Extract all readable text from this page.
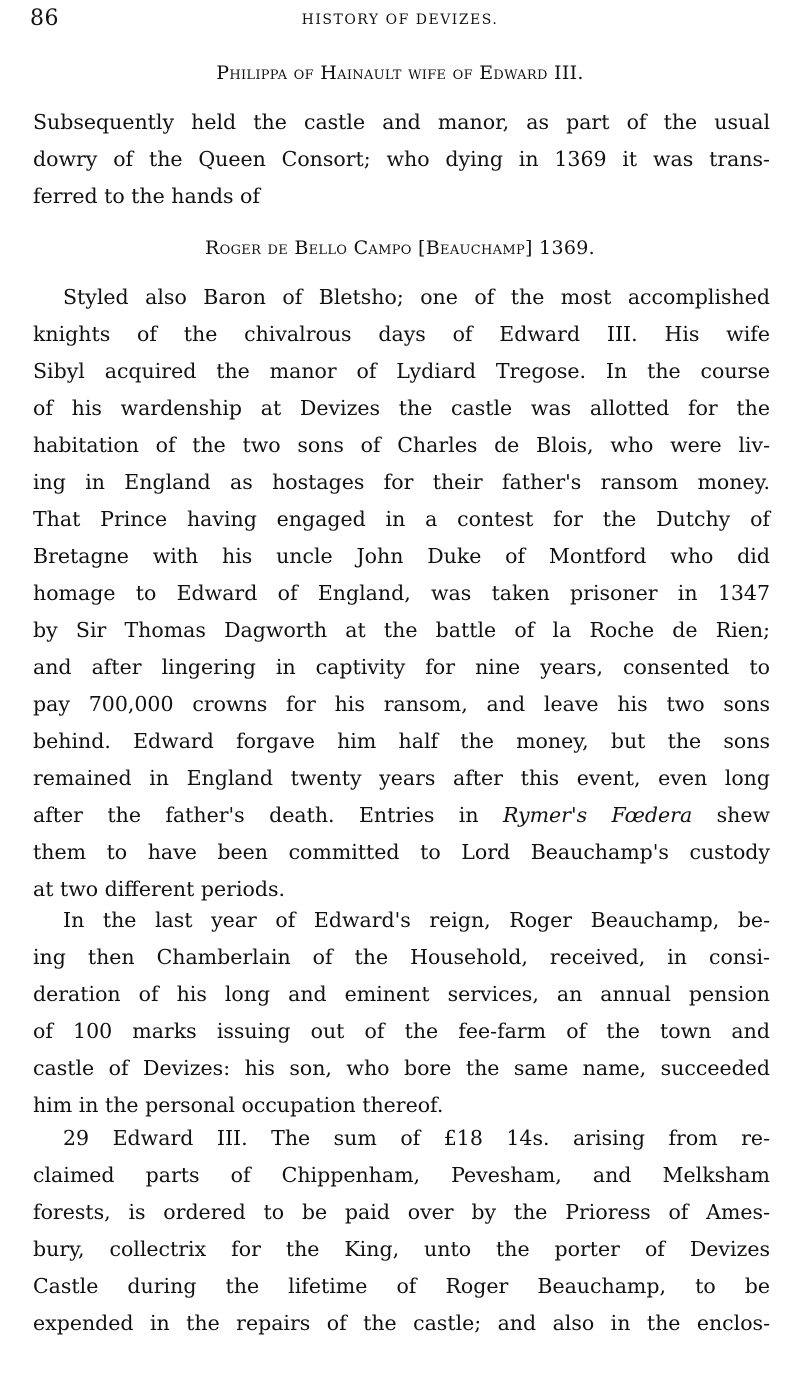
86	HISTORY OF DEVIZES.
Philippa of Hainault wife of Edward III.
Subsequently held the castle and manor, as part of the usual
dowry of the Queen Consort; who dying in 1369 it was trans-
ferred to the hands of
Roger de Bello Campo [Beauchamp] 1369.
Styled also Baron of Bletsho; one of the most accomplished
knights of the chivalrous days of Edward III. His wife
Sibyl acquired the manor of Lydiard Tregose. In the course
of his wardenship at Devizes the castle was allotted for the
habitation of the two sons of Charles de Blois, who were liv-
ing in England as hostages for their father's ransom money.
That Prince having engaged in a contest for the Dutchy of
Bretagne with his uncle John Duke of Montford who did
homage to Edward of England, was taken prisoner in 1347
by Sir Thomas Dagworth at the battle of la Roche de Rien;
and after lingering in captivity for nine years, consented to
pay 700,000 crowns for his ransom, and leave his two sons
behind. Edward forgave him half the money, but the sons
remained in England twenty years after this event, even long
after the father's death. Entries in Rymer's Fœdera shew
them to have been committed to Lord Beauchamp's custody
at two different periods.
In the last year of Edward's reign, Roger Beauchamp, be-
ing then Chamberlain of the Household, received, in consi-
deration of his long and eminent services, an annual pension
of 100 marks issuing out of the fee-farm of the town and
castle of Devizes: his son, who bore the same name, succeeded
him in the personal occupation thereof.
29 Edward III. The sum of £18 14s. arising from re-
claimed parts of Chippenham, Pevesham, and Melksham
forests, is ordered to be paid over by the Prioress of Ames-
bury, collectrix for the King, unto the porter of Devizes
Castle during the lifetime of Roger Beauchamp, to be
expended in the repairs of the castle; and also in the enclos-
